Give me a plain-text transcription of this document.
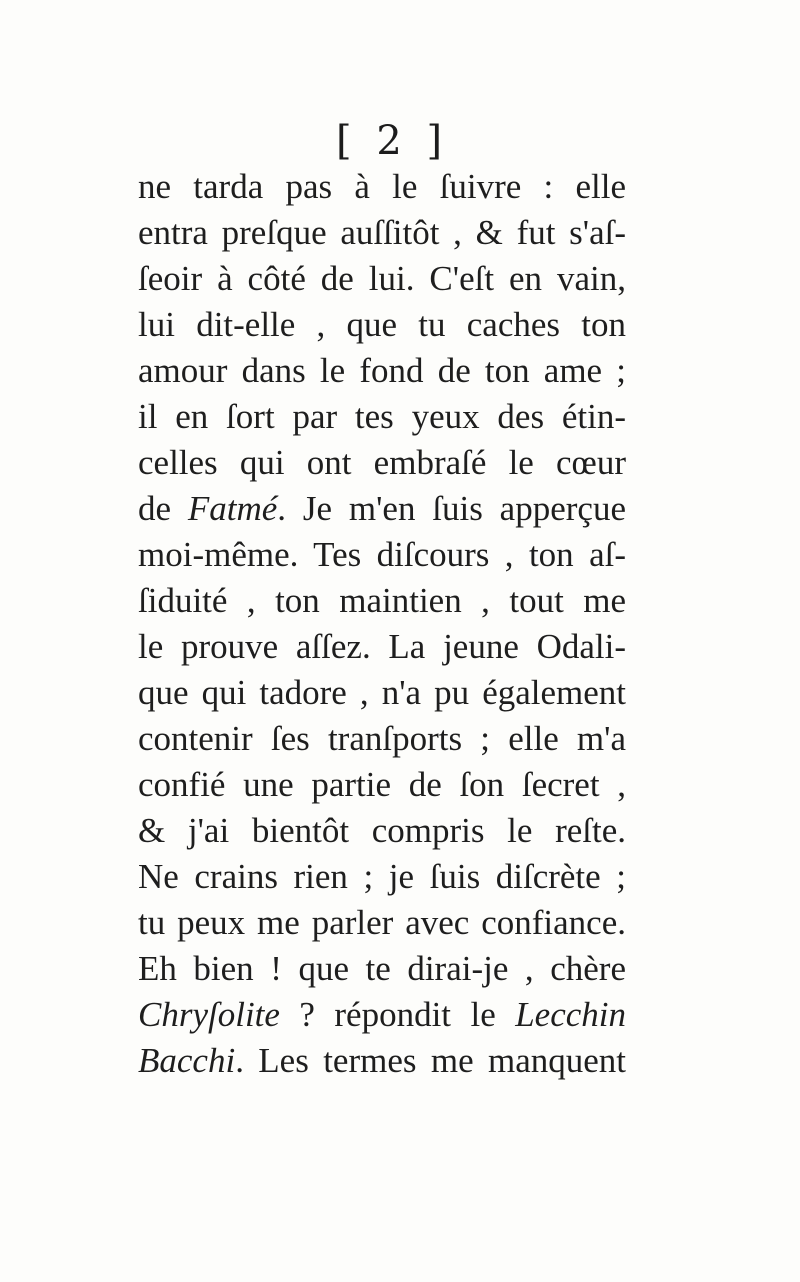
[ 2 ]
ne tarda pas à le ſuivre : elle
entra preſque auſſitôt , & fut s'aſ-
ſeoir à côté de lui. C'eſt en vain,
lui dit-elle , que tu caches ton
amour dans le fond de ton ame ;
il en ſort par tes yeux des étin-
celles qui ont embraſé le cœur
de Fatmé. Je m'en ſuis apperçue
moi-même. Tes diſcours , ton aſ-
ſiduité , ton maintien , tout me
le prouve aſſez. La jeune Odali-
que qui tadore , n'a pu également
contenir ſes tranſports ; elle m'a
confié une partie de ſon ſecret ,
& j'ai bientôt compris le reſte.
Ne crains rien ; je ſuis diſcrète ;
tu peux me parler avec confiance.
Eh bien ! que te dirai-je , chère
Chryſolite ? répondit le Lecchin
Bacchi. Les termes me manquent
